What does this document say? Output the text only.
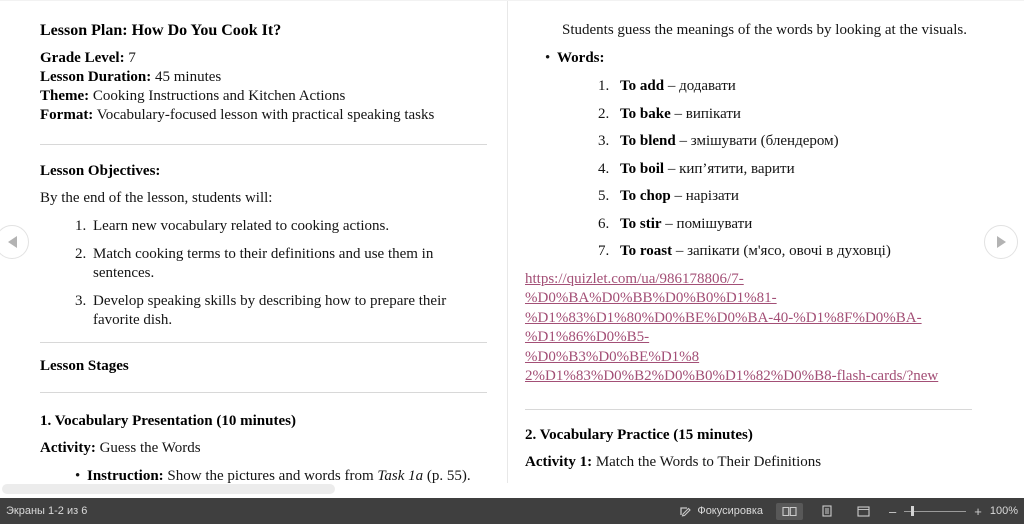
Lesson Plan: How Do You Cook It?
Grade Level: 7
Lesson Duration: 45 minutes
Theme: Cooking Instructions and Kitchen Actions
Format: Vocabulary-focused lesson with practical speaking tasks
Lesson Objectives:
By the end of the lesson, students will:
1. Learn new vocabulary related to cooking actions.
2. Match cooking terms to their definitions and use them in sentences.
3. Develop speaking skills by describing how to prepare their favorite dish.
Lesson Stages
1. Vocabulary Presentation (10 minutes)
Activity: Guess the Words
• Instruction: Show the pictures and words from Task 1a (p. 55).
Students guess the meanings of the words by looking at the visuals.
• Words:
1. To add – додавати
2. To bake – випікати
3. To blend – змішувати (блендером)
4. To boil – кип’ятити, варити
5. To chop – нарізати
6. To stir – помішувати
7. To roast – запікати (м'ясо, овочі в духовці)
https://quizlet.com/ua/986178806/7-
%D0%BA%D0%BB%D0%B0%D1%81-
%D1%83%D1%80%D0%BE%D0%BA-40-%D1%8F%D0%BA-
%D1%86%D0%B5-
%D0%B3%D0%BE%D1%8
2%D1%83%D0%B2%D0%B0%D1%82%D0%B8-flash-cards/?new
2. Vocabulary Practice (15 minutes)
Activity 1: Match the Words to Their Definitions
Экраны 1-2 из 6	Фокусировка	–	+ 100%
